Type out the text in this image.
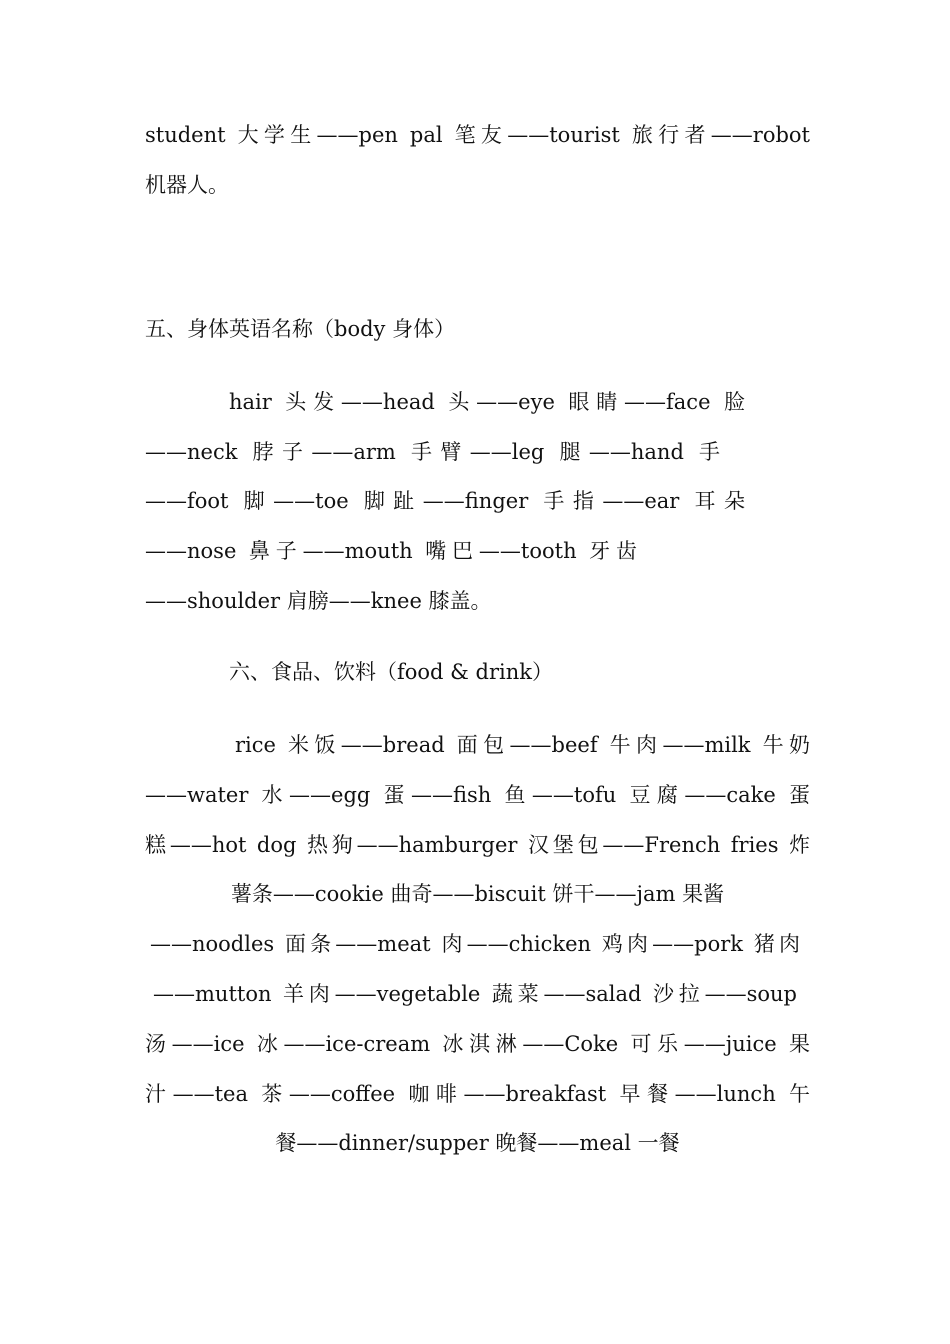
student 大学生——pen pal 笔友——tourist 旅行者——robot
机器人。
五、身体英语名称（body 身体）
hair 头发——head 头——eye 眼睛——face 脸
——neck 脖子——arm 手臂——leg 腿——hand 手
——foot 脚——toe 脚趾——finger 手指——ear 耳朵
——nose 鼻子——mouth 嘴巴——tooth 牙齿
——shoulder 肩膀——knee 膝盖。
六、食品、饮料（food & drink）
rice 米饭——bread 面包——beef 牛肉——milk 牛奶
——water 水——egg 蛋——fish 鱼——tofu 豆腐——cake 蛋
糕——hot dog 热狗——hamburger 汉堡包——French fries 炸
薯条——cookie 曲奇——biscuit 饼干——jam 果酱
——noodles 面条——meat 肉——chicken 鸡肉——pork 猪肉
——mutton 羊肉——vegetable 蔬菜——salad 沙拉——soup
汤——ice 冰——ice-cream 冰淇淋——Coke 可乐——juice 果
汁——tea 茶——coffee 咖啡——breakfast 早餐——lunch 午
餐——dinner/supper 晚餐——meal 一餐
